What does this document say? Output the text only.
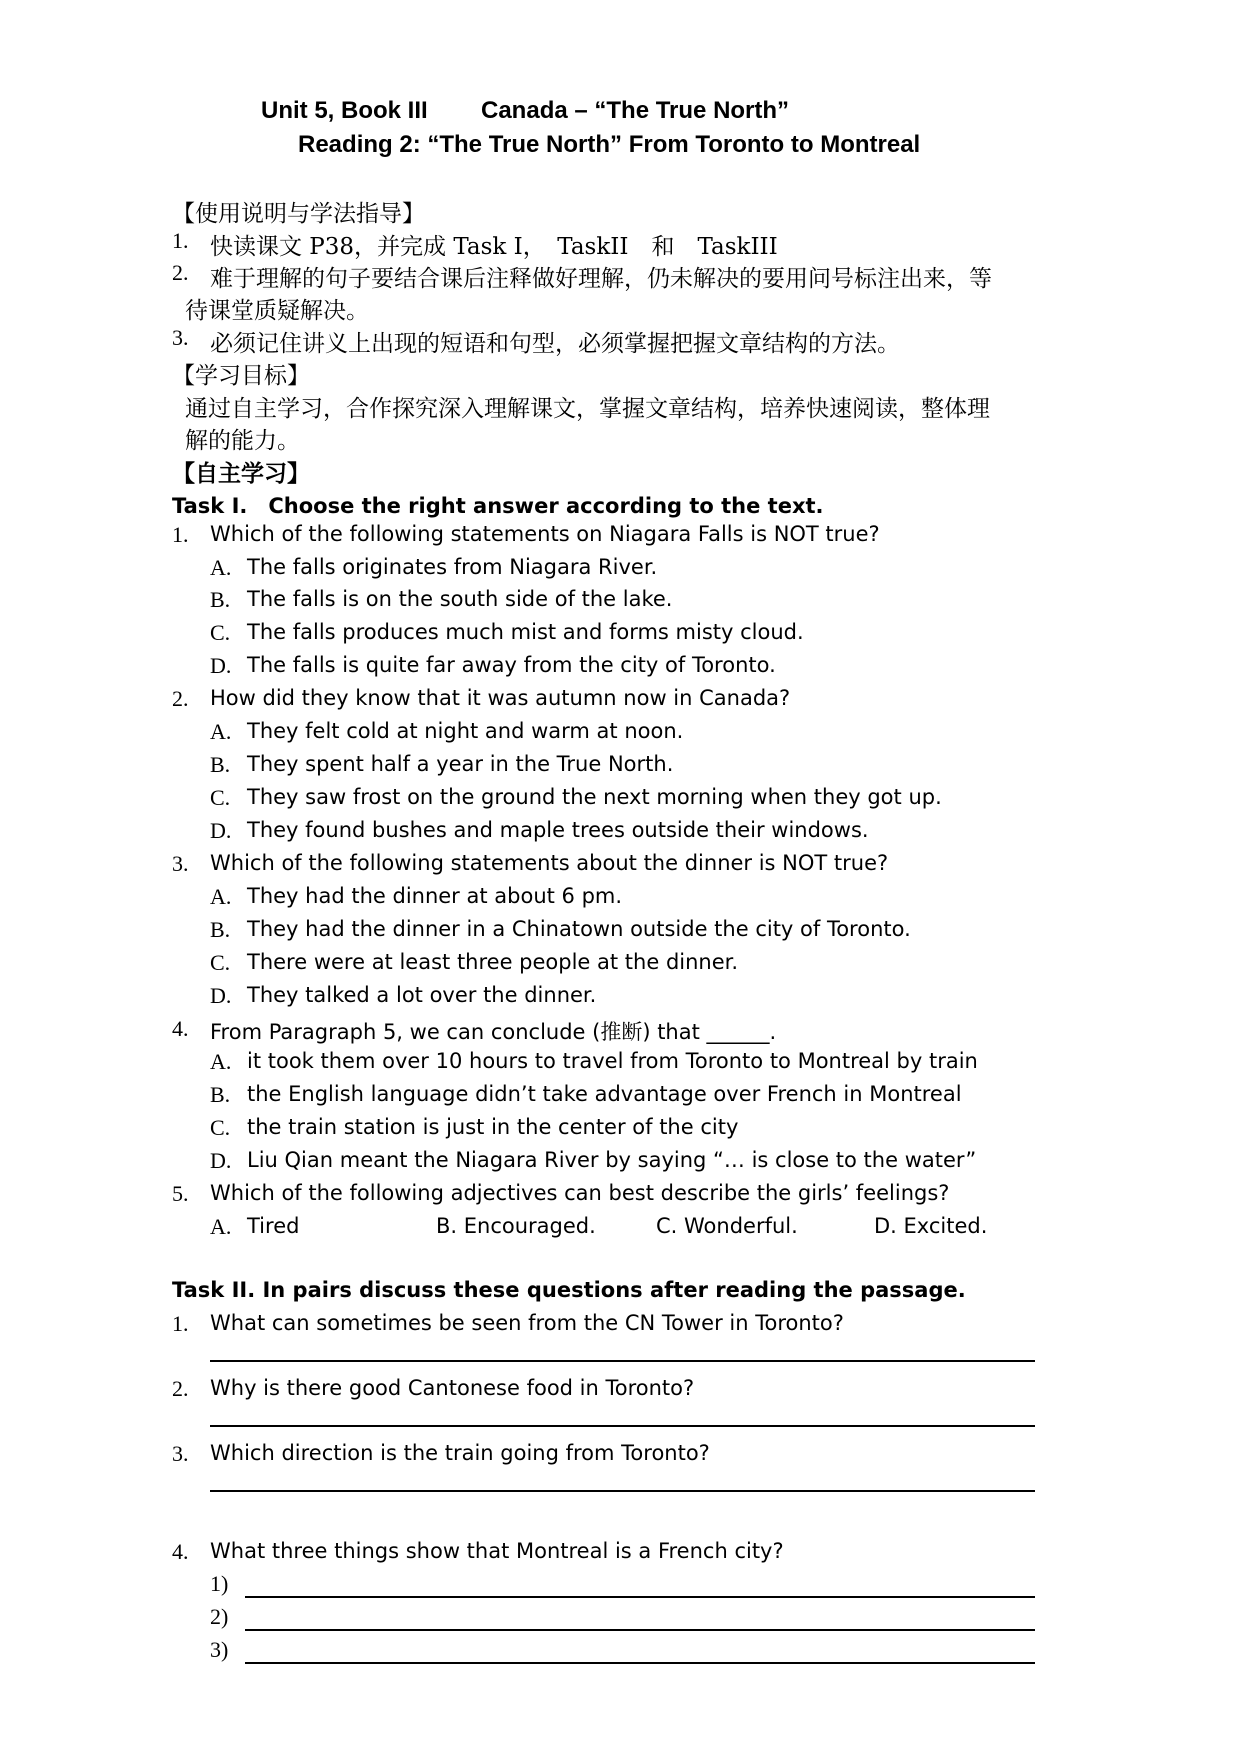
Unit 5, Book III Canada – “The True North”
Reading 2: “The True North” From Toronto to Montreal
【使用说明与学法指导】
1. 快读课文 P38，并完成 Task I，　TaskII　和　TaskIII
2. 难于理解的句子要结合课后注释做好理解，仍未解决的要用问号标注出来，等
待课堂质疑解决。
3. 必须记住讲义上出现的短语和句型，必须掌握把握文章结构的方法。
【学习目标】
通过自主学习，合作探究深入理解课文，掌握文章结构，培养快速阅读，整体理
解的能力。
【自主学习】
Task I.　Choose the right answer according to the text.
1. Which of the following statements on Niagara Falls is NOT true?
A. The falls originates from Niagara River.
B. The falls is on the south side of the lake.
C. The falls produces much mist and forms misty cloud.
D. The falls is quite far away from the city of Toronto.
2. How did they know that it was autumn now in Canada?
A. They felt cold at night and warm at noon.
B. They spent half a year in the True North.
C. They saw frost on the ground the next morning when they got up.
D. They found bushes and maple trees outside their windows.
3. Which of the following statements about the dinner is NOT true?
A. They had the dinner at about 6 pm.
B. They had the dinner in a Chinatown outside the city of Toronto.
C. There were at least three people at the dinner.
D. They talked a lot over the dinner.
4. From Paragraph 5, we can conclude (推断) that ______.
A. it took them over 10 hours to travel from Toronto to Montreal by train
B. the English language didn’t take advantage over French in Montreal
C. the train station is just in the center of the city
D. Liu Qian meant the Niagara River by saying “… is close to the water”
5. Which of the following adjectives can best describe the girls’ feelings?
A. Tired	B. Encouraged.	C. Wonderful.	D. Excited.
Task II. In pairs discuss these questions after reading the passage.
1. What can sometimes be seen from the CN Tower in Toronto?
2. Why is there good Cantonese food in Toronto?
3. Which direction is the train going from Toronto?
4. What three things show that Montreal is a French city?
1)
2)
3)
